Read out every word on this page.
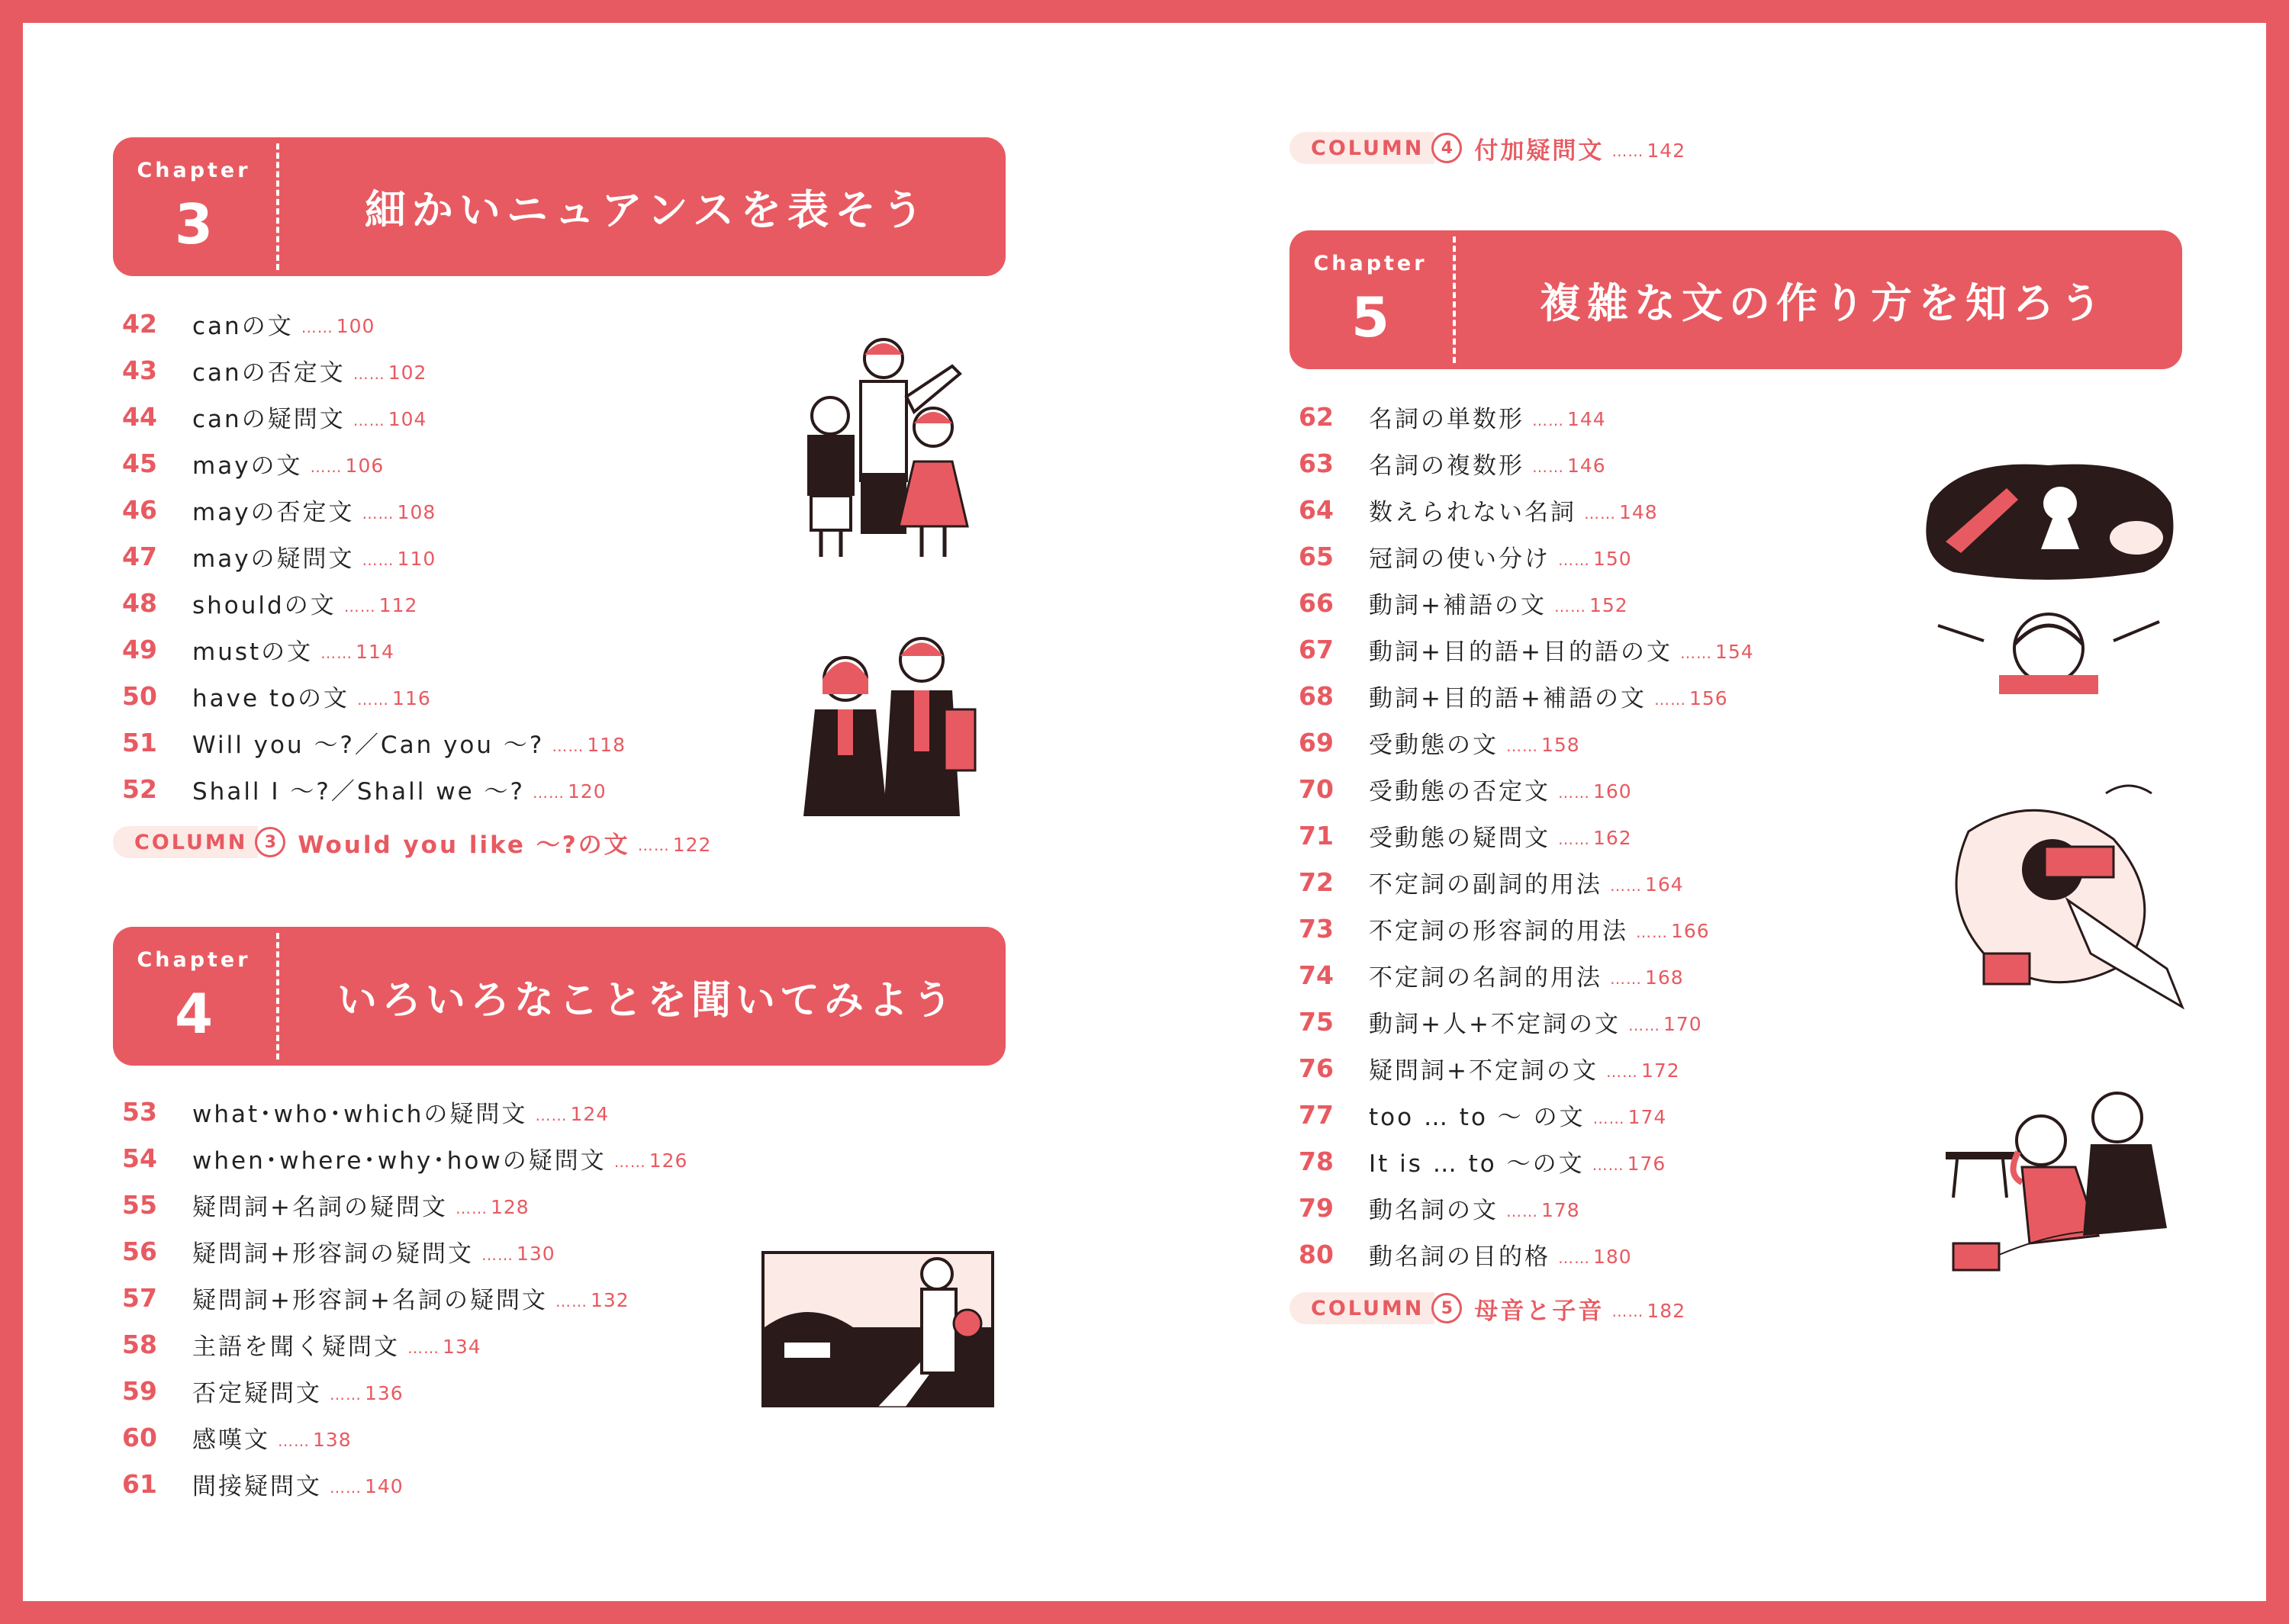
Chapter
3	細かいニュアンスを表そう
42	canの文 …… 100
43	canの否定文 …… 102
44	canの疑問文 …… 104
45	mayの文 …… 106
46	mayの否定文 …… 108
47	mayの疑問文 …… 110
48	shouldの文 …… 112
49	mustの文 …… 114
50	have toの文 …… 116
51	Will you ～?／Can you ～? …… 118
52	Shall I ～?／Shall we ～? …… 120
COLUMN	3 Would you like ～?の文 …… 122
Chapter
4	いろいろなことを聞いてみよう
53	what･who･whichの疑問文 …… 124
54	when･where･why･howの疑問文 …… 126
55	疑問詞+名詞の疑問文 …… 128
56	疑問詞+形容詞の疑問文 …… 130
57	疑問詞+形容詞+名詞の疑問文 …… 132
58	主語を聞く疑問文 …… 134
59	否定疑問文 …… 136
60	感嘆文 …… 138
61	間接疑問文 …… 140
COLUMN	4 付加疑問文 …… 142
Chapter
5	複雑な文の作り方を知ろう
62	名詞の単数形 …… 144
63	名詞の複数形 …… 146
64	数えられない名詞 …… 148
65	冠詞の使い分け …… 150
66	動詞+補語の文 …… 152
67	動詞+目的語+目的語の文 …… 154
68	動詞+目的語+補語の文 …… 156
69	受動態の文 …… 158
70	受動態の否定文 …… 160
71	受動態の疑問文 …… 162
72	不定詞の副詞的用法 …… 164
73	不定詞の形容詞的用法 …… 166
74	不定詞の名詞的用法 …… 168
75	動詞+人+不定詞の文 …… 170
76	疑問詞+不定詞の文 …… 172
77	too … to ～ の文 …… 174
78	It is … to ～の文 …… 176
79	動名詞の文 …… 178
80	動名詞の目的格 …… 180
COLUMN	5 母音と子音 …… 182
